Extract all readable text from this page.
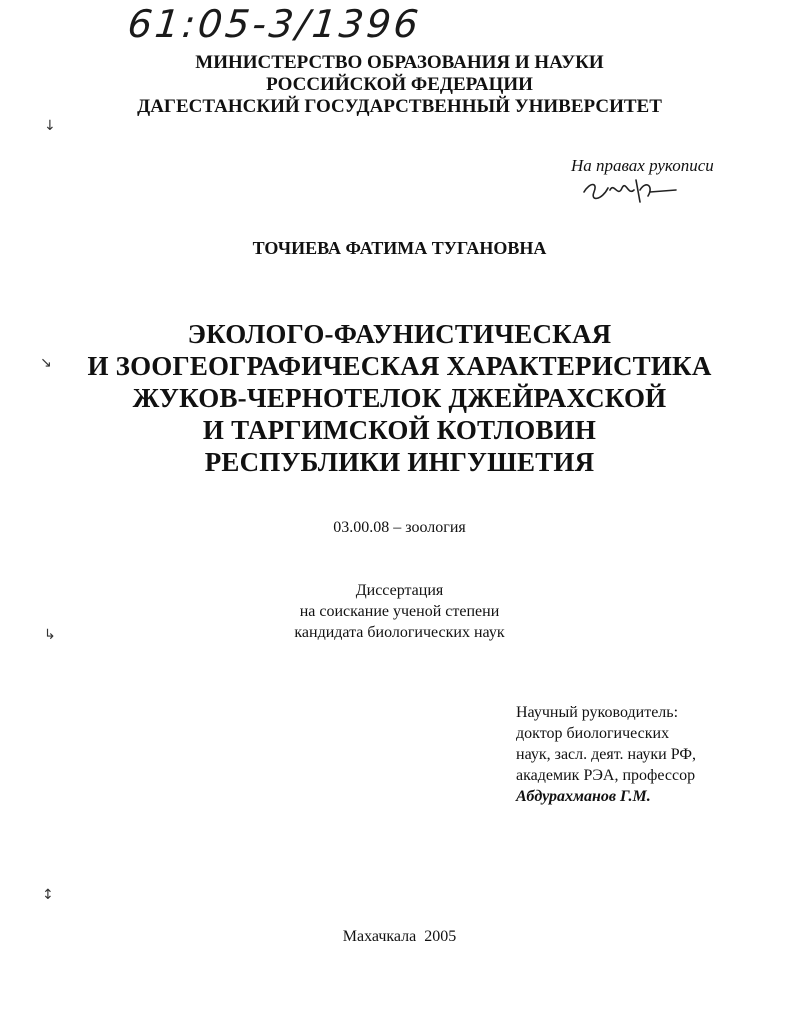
61:05-3/1396
МИНИСТЕРСТВО ОБРАЗОВАНИЯ И НАУКИ
РОССИЙСКОЙ ФЕДЕРАЦИИ
ДАГЕСТАНСКИЙ ГОСУДАРСТВЕННЫЙ УНИВЕРСИТЕТ
↓
↘
↳
↕
На правах рукописи
ТОЧИЕВА ФАТИМА ТУГАНОВНА
ЭКОЛОГО-ФАУНИСТИЧЕСКАЯ
И ЗООГЕОГРАФИЧЕСКАЯ ХАРАКТЕРИСТИКА
ЖУКОВ-ЧЕРНОТЕЛОК ДЖЕЙРАХСКОЙ
И ТАРГИМСКОЙ КОТЛОВИН
РЕСПУБЛИКИ ИНГУШЕТИЯ
03.00.08 – зоология
Диссертация
на соискание ученой степени
кандидата биологических наук
Научный руководитель:
доктор биологических
наук, засл. деят. науки РФ,
академик РЭА, профессор
Абдурахманов Г.М.
Махачкала  2005
